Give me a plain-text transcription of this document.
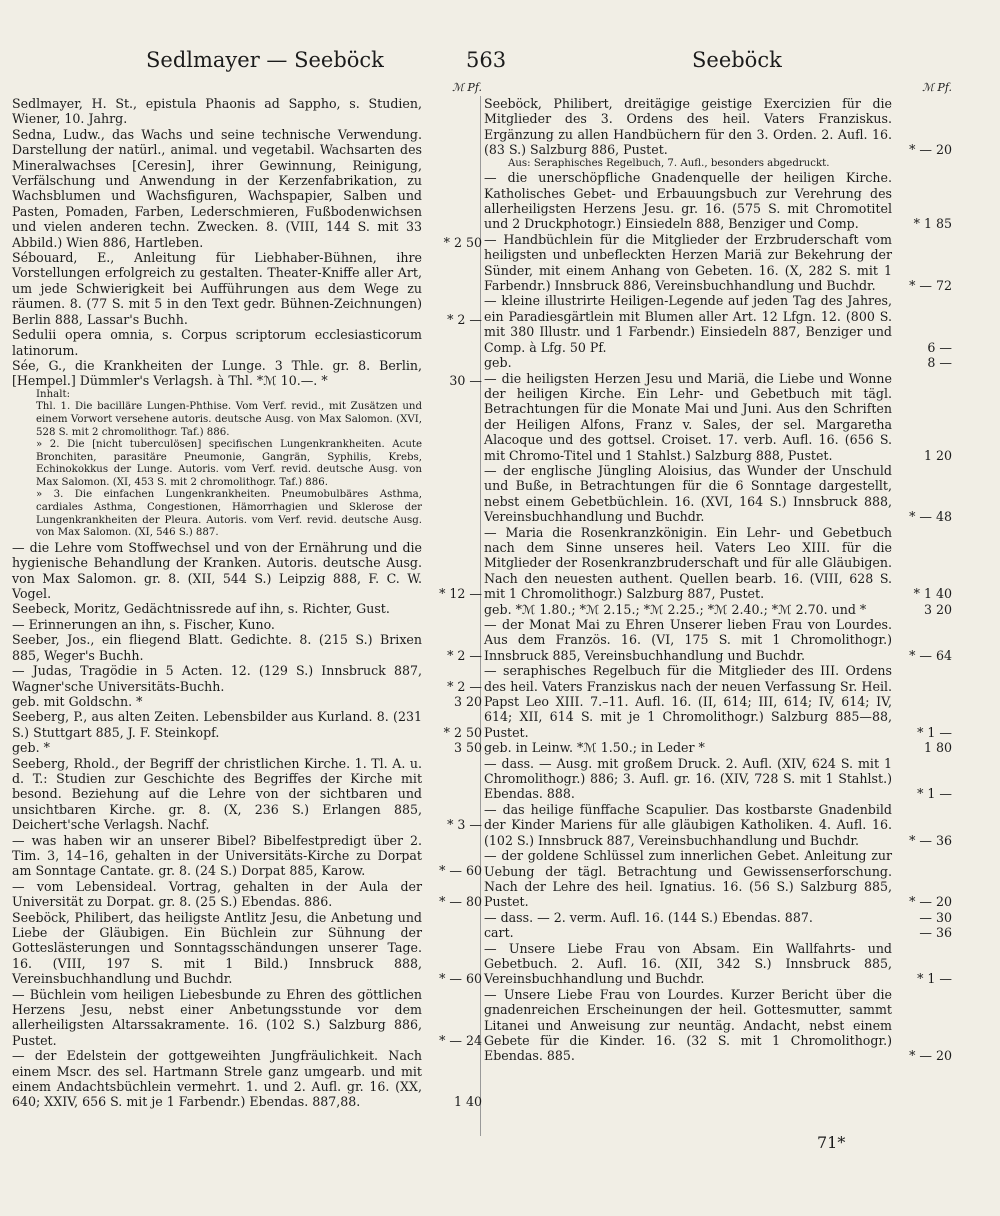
Sedlmayer — Seeböck	563	Seeböck
ℳ Pf.
Sedlmayer, H. St., epistula Phaonis ad Sappho, s. Studien, Wiener, 10. Jahrg.
Sedna, Ludw., das Wachs und seine technische Verwendung. Darstellung der natürl., animal. und vegetabil. Wachsarten des Mineralwachses [Ceresin], ihrer Gewinnung, Reinigung, Verfälschung und Anwendung in der Kerzenfabrikation, zu Wachsblumen und Wachsfiguren, Wachspapier, Salben und Pasten, Pomaden, Farben, Lederschmieren, Fußbodenwichsen und vielen anderen techn. Zwecken. 8. (VIII, 144 S. mit 33 Abbild.) Wien 886, Hartleben.	* 2 50
Sébouard, E., Anleitung für Liebhaber-Bühnen, ihre Vorstellungen erfolgreich zu gestalten. Theater-Kniffe aller Art, um jede Schwierigkeit bei Aufführungen aus dem Wege zu räumen. 8. (77 S. mit 5 in den Text gedr. Bühnen-Zeichnungen) Berlin 888, Lassar's Buchh.	* 2 —
Sedulii opera omnia, s. Corpus scriptorum ecclesiasticorum latinorum.
Sée, G., die Krankheiten der Lunge. 3 Thle. gr. 8. Berlin, [Hempel.] Dümmler's Verlagsh. à Thl. *ℳ 10.—. *	30 —
Inhalt:
Thl. 1. Die bacilläre Lungen-Phthise. Vom Verf. revid., mit Zusätzen und einem Vorwort versehene autoris. deutsche Ausg. von Max Salomon. (XVI, 528 S. mit 2 chromolithogr. Taf.) 886.
» 2. Die [nicht tuberculösen] specifischen Lungenkrankheiten. Acute Bronchiten, parasitäre Pneumonie, Gangrän, Syphilis, Krebs, Echinokokkus der Lunge. Autoris. vom Verf. revid. deutsche Ausg. von Max Salomon. (XI, 453 S. mit 2 chromolithogr. Taf.) 886.
» 3. Die einfachen Lungenkrankheiten. Pneumobulbäres Asthma, cardiales Asthma, Congestionen, Hämorrhagien und Sklerose der Lungenkrankheiten der Pleura. Autoris. vom Verf. revid. deutsche Ausg. von Max Salomon. (XI, 546 S.) 887.
— die Lehre vom Stoffwechsel und von der Ernährung und die hygienische Behandlung der Kranken. Autoris. deutsche Ausg. von Max Salomon. gr. 8. (XII, 544 S.) Leipzig 888, F. C. W. Vogel.	* 12 —
Seebeck, Moritz, Gedächtnissrede auf ihn, s. Richter, Gust.
— Erinnerungen an ihn, s. Fischer, Kuno.
Seeber, Jos., ein fliegend Blatt. Gedichte. 8. (215 S.) Brixen 885, Weger's Buchh.	* 2 —
— Judas, Tragödie in 5 Acten. 12. (129 S.) Innsbruck 887, Wagner'sche Universitäts-Buchh.	* 2 —
geb. mit Goldschn. *	3 20
Seeberg, P., aus alten Zeiten. Lebensbilder aus Kurland. 8. (231 S.) Stuttgart 885, J. F. Steinkopf.	* 2 50
geb. *	3 50
Seeberg, Rhold., der Begriff der christlichen Kirche. 1. Tl. A. u. d. T.: Studien zur Geschichte des Begriffes der Kirche mit besond. Beziehung auf die Lehre von der sichtbaren und unsichtbaren Kirche. gr. 8. (X, 236 S.) Erlangen 885, Deichert'sche Verlagsh. Nachf.	* 3 —
— was haben wir an unserer Bibel? Bibelfestpredigt über 2. Tim. 3, 14–16, gehalten in der Universitäts-Kirche zu Dorpat am Sonntage Cantate. gr. 8. (24 S.) Dorpat 885, Karow.	* — 60
— vom Lebensideal. Vortrag, gehalten in der Aula der Universität zu Dorpat. gr. 8. (25 S.) Ebendas. 886.	* — 80
Seeböck, Philibert, das heiligste Antlitz Jesu, die Anbetung und Liebe der Gläubigen. Ein Büchlein zur Sühnung der Gotteslästerungen und Sonntagsschändungen unserer Tage. 16. (VIII, 197 S. mit 1 Bild.) Innsbruck 888, Vereinsbuchhandlung und Buchdr.	* — 60
— Büchlein vom heiligen Liebesbunde zu Ehren des göttlichen Herzens Jesu, nebst einer Anbetungsstunde vor dem allerheiligsten Altarssakramente. 16. (102 S.) Salzburg 886, Pustet.	* — 24
— der Edelstein der gottgeweihten Jungfräulichkeit. Nach einem Mscr. des sel. Hartmann Strele ganz umgearb. und mit einem Andachtsbüchlein vermehrt. 1. und 2. Aufl. gr. 16. (XX, 640; XXIV, 656 S. mit je 1 Farbendr.) Ebendas. 887,88.	1 40
ℳ Pf.
Seeböck, Philibert, dreitägige geistige Exercizien für die Mitglieder des 3. Ordens des heil. Vaters Franziskus. Ergänzung zu allen Handbüchern für den 3. Orden. 2. Aufl. 16. (83 S.) Salzburg 886, Pustet.	* — 20
Aus: Seraphisches Regelbuch, 7. Aufl., besonders abgedruckt.
— die unerschöpfliche Gnadenquelle der heiligen Kirche. Katholisches Gebet- und Erbauungsbuch zur Verehrung des allerheiligsten Herzens Jesu. gr. 16. (575 S. mit Chromotitel und 2 Druckphotogr.) Einsiedeln 888, Benziger und Comp.	* 1 85
— Handbüchlein für die Mitglieder der Erzbruderschaft vom heiligsten und unbefleckten Herzen Mariä zur Bekehrung der Sünder, mit einem Anhang von Gebeten. 16. (X, 282 S. mit 1 Farbendr.) Innsbruck 886, Vereinsbuchhandlung und Buchdr.	* — 72
— kleine illustrirte Heiligen-Legende auf jeden Tag des Jahres, ein Paradiesgärtlein mit Blumen aller Art. 12 Lfgn. 12. (800 S. mit 380 Illustr. und 1 Farbendr.) Einsiedeln 887, Benziger und Comp. à Lfg. 50 Pf.	6 —
geb.	8 —
— die heiligsten Herzen Jesu und Mariä, die Liebe und Wonne der heiligen Kirche. Ein Lehr- und Gebetbuch mit tägl. Betrachtungen für die Monate Mai und Juni. Aus den Schriften der Heiligen Alfons, Franz v. Sales, der sel. Margaretha Alacoque und des gottsel. Croiset. 17. verb. Aufl. 16. (656 S. mit Chromo-Titel und 1 Stahlst.) Salzburg 888, Pustet.	1 20
— der englische Jüngling Aloisius, das Wunder der Unschuld und Buße, in Betrachtungen für die 6 Sonntage dargestellt, nebst einem Gebetbüchlein. 16. (XVI, 164 S.) Innsbruck 888, Vereinsbuchhandlung und Buchdr.	* — 48
— Maria die Rosenkranzkönigin. Ein Lehr- und Gebetbuch nach dem Sinne unseres heil. Vaters Leo XIII. für die Mitglieder der Rosenkranzbruderschaft und für alle Gläubigen. Nach den neuesten authent. Quellen bearb. 16. (VIII, 628 S. mit 1 Chromolithogr.) Salzburg 887, Pustet.	* 1 40
geb. *ℳ 1.80.; *ℳ 2.15.; *ℳ 2.25.; *ℳ 2.40.; *ℳ 2.70. und *	3 20
— der Monat Mai zu Ehren Unserer lieben Frau von Lourdes. Aus dem Französ. 16. (VI, 175 S. mit 1 Chromolithogr.) Innsbruck 885, Vereinsbuchhandlung und Buchdr.	* — 64
— seraphisches Regelbuch für die Mitglieder des III. Ordens des heil. Vaters Franziskus nach der neuen Verfassung Sr. Heil. Papst Leo XIII. 7.–11. Aufl. 16. (II, 614; III, 614; IV, 614; IV, 614; XII, 614 S. mit je 1 Chromolithogr.) Salzburg 885—88, Pustet.	* 1 —
geb. in Leinw. *ℳ 1.50.; in Leder *	1 80
— dass. — Ausg. mit großem Druck. 2. Aufl. (XIV, 624 S. mit 1 Chromolithogr.) 886; 3. Aufl. gr. 16. (XIV, 728 S. mit 1 Stahlst.) Ebendas. 888.	* 1 —
— das heilige fünffache Scapulier. Das kostbarste Gnadenbild der Kinder Mariens für alle gläubigen Katholiken. 4. Aufl. 16. (102 S.) Innsbruck 887, Vereinsbuchhandlung und Buchdr.	* — 36
— der goldene Schlüssel zum innerlichen Gebet. Anleitung zur Uebung der tägl. Betrachtung und Gewissenserforschung. Nach der Lehre des heil. Ignatius. 16. (56 S.) Salzburg 885, Pustet.	* — 20
— dass. — 2. verm. Aufl. 16. (144 S.) Ebendas. 887.	— 30
cart.	— 36
— Unsere Liebe Frau von Absam. Ein Wallfahrts- und Gebetbuch. 2. Aufl. 16. (XII, 342 S.) Innsbruck 885, Vereinsbuchhandlung und Buchdr.	* 1 —
— Unsere Liebe Frau von Lourdes. Kurzer Bericht über die gnadenreichen Erscheinungen der heil. Gottesmutter, sammt Litanei und Anweisung zur neuntäg. Andacht, nebst einem Gebete für die Kinder. 16. (32 S. mit 1 Chromolithogr.) Ebendas. 885.	* — 20
71*
